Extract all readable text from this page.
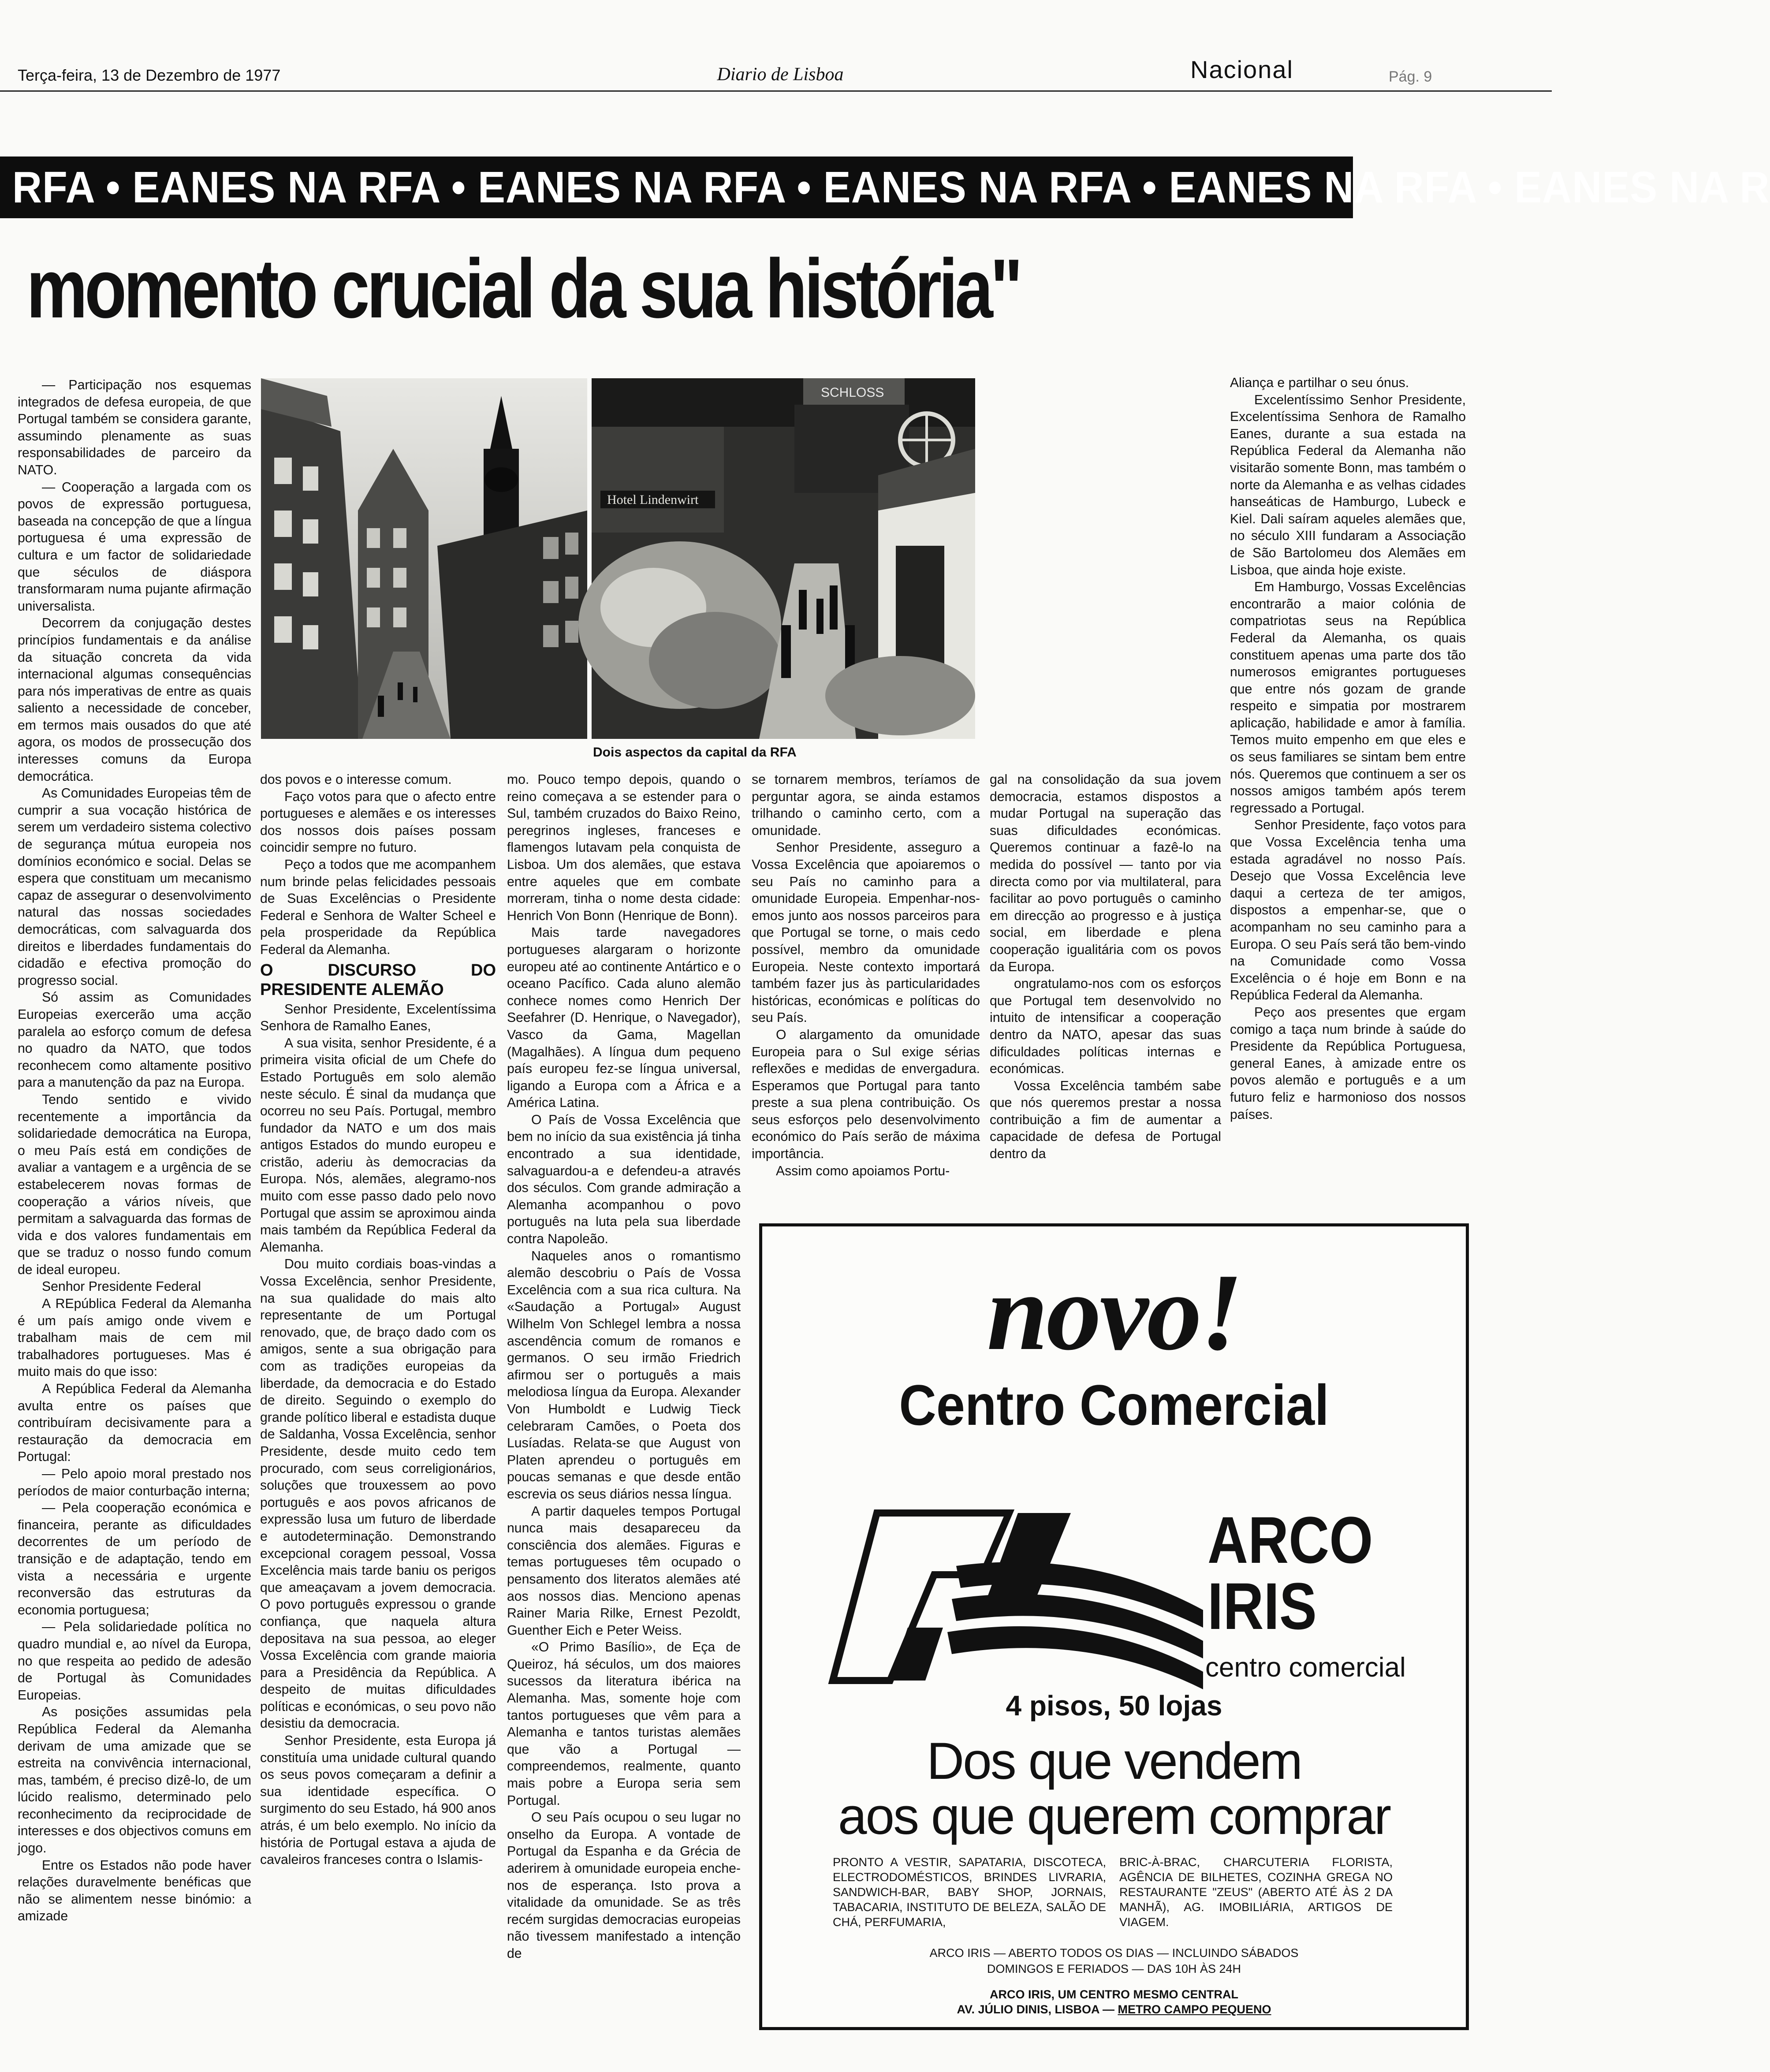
Terça-feira, 13 de Dezembro de 1977	Diario de Lisboa	Nacional	Pág. 9
RFA • EANES NA RFA • EANES NA RFA • EANES NA RFA • EANES NA RFA • EANES NA R
momento crucial da sua história"

— Participação nos esquemas integrados de defesa europeia, de que Portugal também se considera garante, assumindo plenamente as suas responsabilidades de parceiro da NATO.

— Cooperação a largada com os povos de expressão portuguesa, baseada na concepção de que a língua portuguesa é uma expressão de cultura e um factor de solidariedade que séculos de diáspora transformaram numa pujante afirmação universalista.

Decorrem da conjugação destes princípios fundamentais e da análise da situação concreta da vida internacional algumas consequências para nós imperativas de entre as quais saliento a necessidade de conceber, em termos mais ousados do que até agora, os modos de prossecução dos interesses comuns da Europa democrática.

As Comunidades Europeias têm de cumprir a sua vocação histórica de serem um verdadeiro sistema colectivo de segurança mútua europeia nos domínios económico e social. Delas se espera que constituam um mecanismo capaz de assegurar o desenvolvimento natural das nossas sociedades democráticas, com salvaguarda dos direitos e liberdades fundamentais do cidadão e efectiva promoção do progresso social.

Só assim as Comunidades Europeias exercerão uma acção paralela ao esforço comum de defesa no quadro da NATO, que todos reconhecem como altamente positivo para a manutenção da paz na Europa.

Tendo sentido e vivido recentemente a importância da solidariedade democrática na Europa, o meu País está em condições de avaliar a vantagem e a urgência de se estabelecerem novas formas de cooperação a vários níveis, que permitam a salvaguarda das formas de vida e dos valores fundamentais em que se traduz o nosso fundo comum de ideal europeu.

Senhor Presidente Federal

A REpública Federal da Alemanha é um país amigo onde vivem e trabalham mais de cem mil trabalhadores portugueses. Mas é muito mais do que isso:

A República Federal da Alemanha avulta entre os países que contribuíram decisivamente para a restauração da democracia em Portugal:

— Pelo apoio moral prestado nos períodos de maior conturbação interna;

— Pela cooperação económica e financeira, perante as dificuldades decorrentes de um período de transição e de adaptação, tendo em vista a necessária e urgente reconversão das estruturas da economia portuguesa;

— Pela solidariedade política no quadro mundial e, ao nível da Europa, no que respeita ao pedido de adesão de Portugal às Comunidades Europeias.

As posições assumidas pela República Federal da Alemanha derivam de uma amizade que se estreita na convivência internacional, mas, também, é preciso dizê-lo, de um lúcido realismo, determinado pelo reconhecimento da reciprocidade de interesses e dos objectivos comuns em jogo.

Entre os Estados não pode haver relações duravelmente benéficas que não se alimentem nesse binómio: a amizade

Hotel Lindenwirt
SCHLOSS
Dois aspectos da capital da RFA

dos povos e o interesse comum.

Faço votos para que o afecto entre portugueses e alemães e os interesses dos nossos dois países possam coincidir sempre no futuro.

Peço a todos que me acompanhem num brinde pelas felicidades pessoais de Suas Excelências o Presidente Federal e Senhora de Walter Scheel e pela prosperidade da República Federal da Alemanha.

O DISCURSO DO PRESIDENTE ALEMÃO

Senhor Presidente, Excelentíssima Senhora de Ramalho Eanes,

A sua visita, senhor Presidente, é a primeira visita oficial de um Chefe do Estado Português em solo alemão neste século. É sinal da mudança que ocorreu no seu País. Portugal, membro fundador da NATO e um dos mais antigos Estados do mundo europeu e cristão, aderiu às democracias da Europa. Nós, alemães, alegramo-nos muito com esse passo dado pelo novo Portugal que assim se aproximou ainda mais também da República Federal da Alemanha.

Dou muito cordiais boas-vindas a Vossa Excelência, senhor Presidente, na sua qualidade do mais alto representante de um Portugal renovado, que, de braço dado com os amigos, sente a sua obrigação para com as tradições europeias da liberdade, da democracia e do Estado de direito. Seguindo o exemplo do grande político liberal e estadista duque de Saldanha, Vossa Excelência, senhor Presidente, desde muito cedo tem procurado, com seus correligionários, soluções que trouxessem ao povo português e aos povos africanos de expressão lusa um futuro de liberdade e autodeterminação. Demonstrando excepcional coragem pessoal, Vossa Excelência mais tarde baniu os perigos que ameaçavam a jovem democracia. O povo português expressou o grande confiança, que naquela altura depositava na sua pessoa, ao eleger Vossa Excelência com grande maioria para a Presidência da República. A despeito de muitas dificuldades políticas e económicas, o seu povo não desistiu da democracia.

Senhor Presidente, esta Europa já constituía uma unidade cultural quando os seus povos começaram a definir a sua identidade específica. O surgimento do seu Estado, há 900 anos atrás, é um belo exemplo. No início da história de Portugal estava a ajuda de cavaleiros franceses contra o Islamis-

mo. Pouco tempo depois, quando o reino começava a se estender para o Sul, também cruzados do Baixo Reino, peregrinos ingleses, franceses e flamengos lutavam pela conquista de Lisboa. Um dos alemães, que estava entre aqueles que em combate morreram, tinha o nome desta cidade: Henrich Von Bonn (Henrique de Bonn).

Mais tarde navegadores portugueses alargaram o horizonte europeu até ao continente Antártico e o oceano Pacífico. Cada aluno alemão conhece nomes como Henrich Der Seefahrer (D. Henrique, o Navegador), Vasco da Gama, Magellan (Magalhães). A língua dum pequeno país europeu fez-se língua universal, ligando a Europa com a África e a América Latina.

O País de Vossa Excelência que bem no início da sua existência já tinha encontrado a sua identidade, salvaguardou-a e defendeu-a através dos séculos. Com grande admiração a Alemanha acompanhou o povo português na luta pela sua liberdade contra Napoleão.

Naqueles anos o romantismo alemão descobriu o País de Vossa Excelência com a sua rica cultura. Na «Saudação a Portugal» August Wilhelm Von Schlegel lembra a nossa ascendência comum de romanos e germanos. O seu irmão Friedrich afirmou ser o português a mais melodiosa língua da Europa. Alexander Von Humboldt e Ludwig Tieck celebraram Camões, o Poeta dos Lusíadas. Relata-se que August von Platen aprendeu o português em poucas semanas e que desde então escrevia os seus diários nessa língua.

A partir daqueles tempos Portugal nunca mais desapareceu da consciência dos alemães. Figuras e temas portugueses têm ocupado o pensamento dos literatos alemães até aos nossos dias. Menciono apenas Rainer Maria Rilke, Ernest Pezoldt, Guenther Eich e Peter Weiss.

«O Primo Basílio», de Eça de Queiroz, há séculos, um dos maiores sucessos da literatura ibérica na Alemanha. Mas, somente hoje com tantos portugueses que vêm para a Alemanha e tantos turistas alemães que vão a Portugal — compreendemos, realmente, quanto mais pobre a Europa seria sem Portugal.

O seu País ocupou o seu lugar no onselho da Europa. A vontade de Portugal da Espanha e da Grécia de aderirem à omunidade europeia enche-nos de esperança. Isto prova a vitalidade da omunidade. Se as três recém surgidas democracias europeias não tivessem manifestado a intenção de

se tornarem membros, teríamos de perguntar agora, se ainda estamos trilhando o caminho certo, com a omunidade.

Senhor Presidente, asseguro a Vossa Excelência que apoiaremos o seu País no caminho para a omunidade Europeia. Empenhar-nos-emos junto aos nossos parceiros para que Portugal se torne, o mais cedo possível, membro da omunidade Europeia. Neste contexto importará também fazer jus às particularidades históricas, económicas e políticas do seu País.

O alargamento da omunidade Europeia para o Sul exige sérias reflexões e medidas de envergadura. Esperamos que Portugal para tanto preste a sua plena contribuição. Os seus esforços pelo desenvolvimento económico do País serão de máxima importância.

Assim como apoiamos Portu-

gal na consolidação da sua jovem democracia, estamos dispostos a mudar Portugal na superação das suas dificuldades económicas. Queremos continuar a fazê-lo na medida do possível — tanto por via directa como por via multilateral, para facilitar ao povo português o caminho em direcção ao progresso e à justiça social, em liberdade e plena cooperação igualitária com os povos da Europa.

ongratulamo-nos com os esforços que Portugal tem desenvolvido no intuito de intensificar a cooperação dentro da NATO, apesar das suas dificuldades políticas internas e económicas.

Vossa Excelência também sabe que nós queremos prestar a nossa contribuição a fim de aumentar a capacidade de defesa de Portugal dentro da

Aliança e partilhar o seu ónus.

Excelentíssimo Senhor Presidente, Excelentíssima Senhora de Ramalho Eanes, durante a sua estada na República Federal da Alemanha não visitarão somente Bonn, mas também o norte da Alemanha e as velhas cidades hanseáticas de Hamburgo, Lubeck e Kiel. Dali saíram aqueles alemães que, no século XIII fundaram a Associação de São Bartolomeu dos Alemães em Lisboa, que ainda hoje existe.

Em Hamburgo, Vossas Excelências encontrarão a maior colónia de compatriotas seus na República Federal da Alemanha, os quais constituem apenas uma parte dos tão numerosos emigrantes portugueses que entre nós gozam de grande respeito e simpatia por mostrarem aplicação, habilidade e amor à família. Temos muito empenho em que eles e os seus familiares se sintam bem entre nós. Queremos que continuem a ser os nossos amigos também após terem regressado a Portugal.

Senhor Presidente, faço votos para que Vossa Excelência tenha uma estada agradável no nosso País. Desejo que Vossa Excelência leve daqui a certeza de ter amigos, dispostos a empenhar-se, que o acompanham no seu caminho para a Europa. O seu País será tão bem-vindo na Comunidade como Vossa Excelência o é hoje em Bonn e na República Federal da Alemanha.

Peço aos presentes que ergam comigo a taça num brinde à saúde do Presidente da República Portuguesa, general Eanes, à amizade entre os povos alemão e português e a um futuro feliz e harmonioso dos nossos países.

novo!
Centro Comercial
ARCO
IRIS
centro comercial
4 pisos, 50 lojas
Dos que vendem
aos que querem comprar
PRONTO A VESTIR, SAPATARIA, DISCOTECA, ELECTRODOMÉSTICOS, BRINDES LIVRARIA, SANDWICH-BAR, BABY SHOP, JORNAIS, TABACARIA, INSTITUTO DE BELEZA, SALÃO DE CHÁ, PERFUMARIA,
BRIC-À-BRAC, CHARCUTERIA FLORISTA, AGÊNCIA DE BILHETES, COZINHA GREGA NO RESTAURANTE "ZEUS" (ABERTO ATÉ ÀS 2 DA MANHÃ), AG. IMOBILIÁRIA, ARTIGOS DE VIAGEM.
ARCO IRIS — ABERTO TODOS OS DIAS — INCLUINDO SÁBADOS
DOMINGOS E FERIADOS — DAS 10H ÀS 24H
ARCO IRIS, UM CENTRO MESMO CENTRAL
AV. JÚLIO DINIS, LISBOA — METRO CAMPO PEQUENO
